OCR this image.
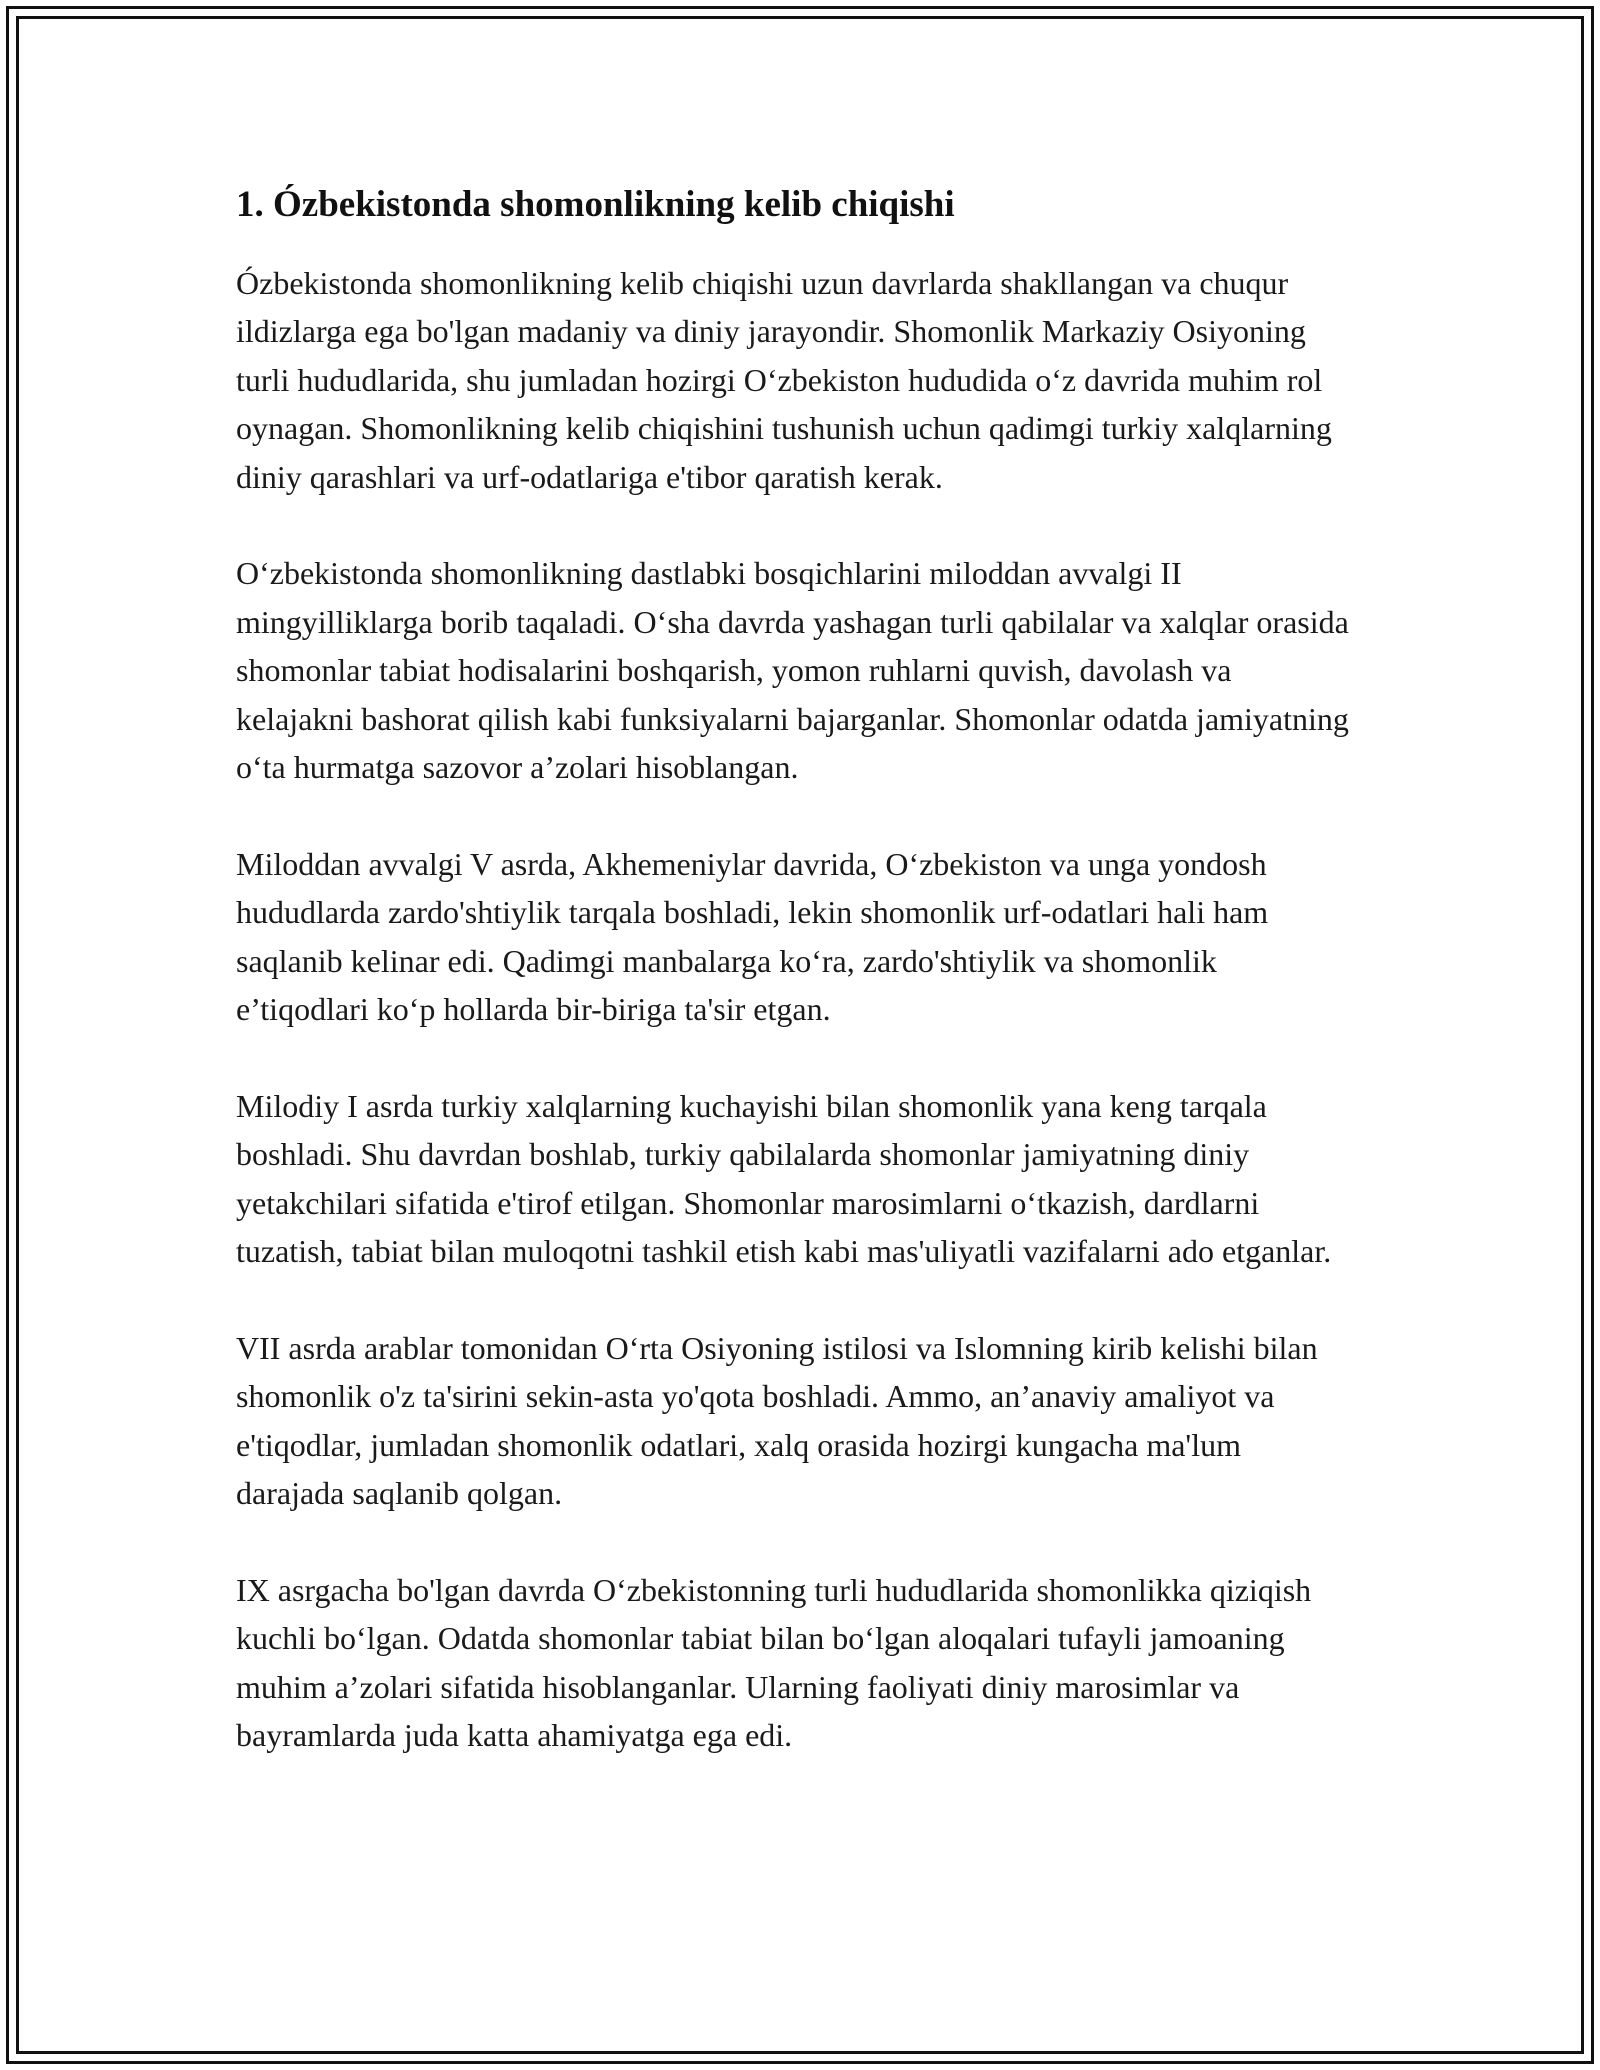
1. Ózbekistonda shomonlikning kelib chiqishi

Ózbekistonda shomonlikning kelib chiqishi uzun davrlarda shakllangan va chuqur ildizlarga ega bo'lgan madaniy va diniy jarayondir. Shomonlik Markaziy Osiyoning turli hududlarida, shu jumladan hozirgi O‘zbekiston hududida o‘z davrida muhim rol oynagan. Shomonlikning kelib chiqishini tushunish uchun qadimgi turkiy xalqlarning diniy qarashlari va urf-odatlariga e'tibor qaratish kerak.

O‘zbekistonda shomonlikning dastlabki bosqichlarini miloddan avvalgi II mingyilliklarga borib taqaladi. O‘sha davrda yashagan turli qabilalar va xalqlar orasida shomonlar tabiat hodisalarini boshqarish, yomon ruhlarni quvish, davolash va kelajakni bashorat qilish kabi funksiyalarni bajarganlar. Shomonlar odatda jamiyatning o‘ta hurmatga sazovor a’zolari hisoblangan.

Miloddan avvalgi V asrda, Akhemeniylar davrida, O‘zbekiston va unga yondosh hududlarda zardo'shtiylik tarqala boshladi, lekin shomonlik urf-odatlari hali ham saqlanib kelinar edi. Qadimgi manbalarga ko‘ra, zardo'shtiylik va shomonlik e’tiqodlari ko‘p hollarda bir-biriga ta'sir etgan.

Milodiy I asrda turkiy xalqlarning kuchayishi bilan shomonlik yana keng tarqala boshladi. Shu davrdan boshlab, turkiy qabilalarda shomonlar jamiyatning diniy yetakchilari sifatida e'tirof etilgan. Shomonlar marosimlarni o‘tkazish, dardlarni tuzatish, tabiat bilan muloqotni tashkil etish kabi mas'uliyatli vazifalarni ado etganlar.

VII asrda arablar tomonidan O‘rta Osiyoning istilosi va Islomning kirib kelishi bilan shomonlik o'z ta'sirini sekin-asta yo'qota boshladi. Ammo, an’anaviy amaliyot va e'tiqodlar, jumladan shomonlik odatlari, xalq orasida hozirgi kungacha ma'lum darajada saqlanib qolgan.

IX asrgacha bo'lgan davrda O‘zbekistonning turli hududlarida shomonlikka qiziqish kuchli bo‘lgan. Odatda shomonlar tabiat bilan bo‘lgan aloqalari tufayli jamoaning muhim a’zolari sifatida hisoblanganlar. Ularning faoliyati diniy marosimlar va bayramlarda juda katta ahamiyatga ega edi.
